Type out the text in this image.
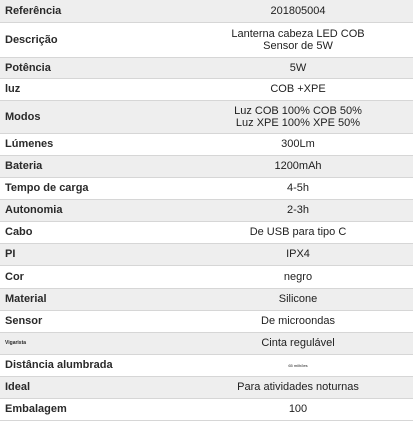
Referência	201805004
Descrição	Lanterna cabeza LED COB
Sensor de 5W
Potência	5W
luz	COB +XPE
Modos	Luz COB 100% COB 50%
Luz XPE 100% XPE 50%
Lúmenes	300Lm
Bateria	1200mAh
Tempo de carga	4-5h
Autonomia	2-3h
Cabo	De USB para tipo C
PI	IPX4
Cor	negro
Material	Silicone
Sensor	De microondas
Vigarista	Cinta regulável
Distância alumbrada	65 milhões
Ideal	Para atividades noturnas
Embalagem	100
